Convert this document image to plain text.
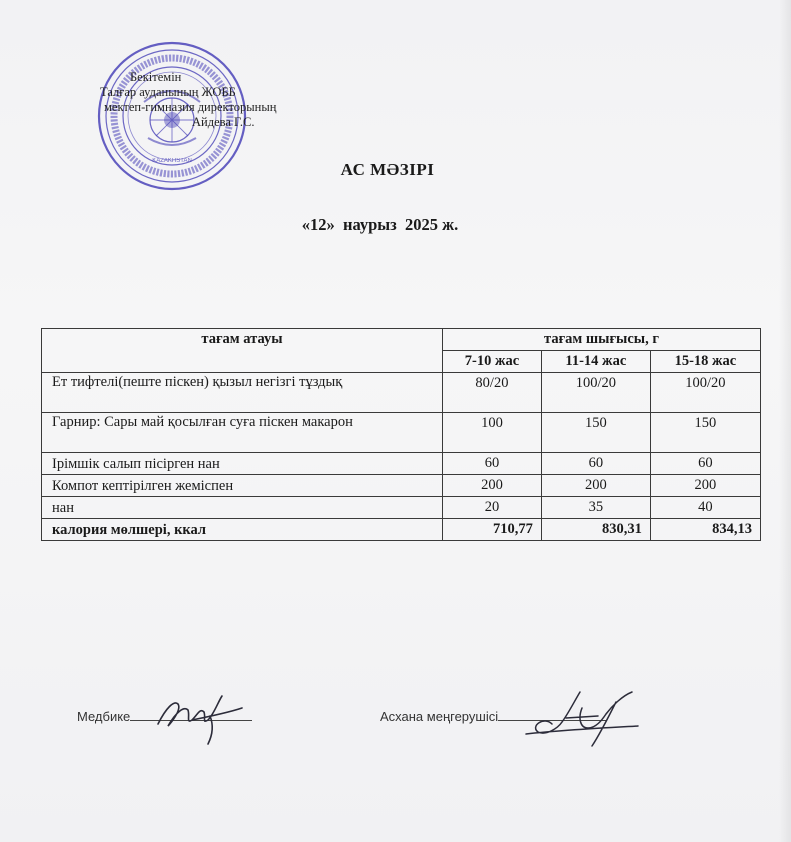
KAZAKHSTAN
Бекітемін
Талғар ауданының ЖОББ
мектеп-гимназия директорының
Айдева Г.С.
АС МӘЗІРІ
«12»  наурыз  2025 ж.
тағам атауы	тағам шығысы, г		
	7-10 жас	11-14 жас	15-18 жас
Ет тифтелі(пеште піскен) қызыл негізгі тұздық	80/20	100/20	100/20
Гарнир: Сары май қосылған суға піскен макарон	100	150	150
Ірімшік салып пісірген нан	60	60	60
Компот кептірілген жеміспен	200	200	200
нан	20	35	40
калория мөлшері, ккал	710,77	830,31	834,13
Медбике	Асхана меңгерушісі
